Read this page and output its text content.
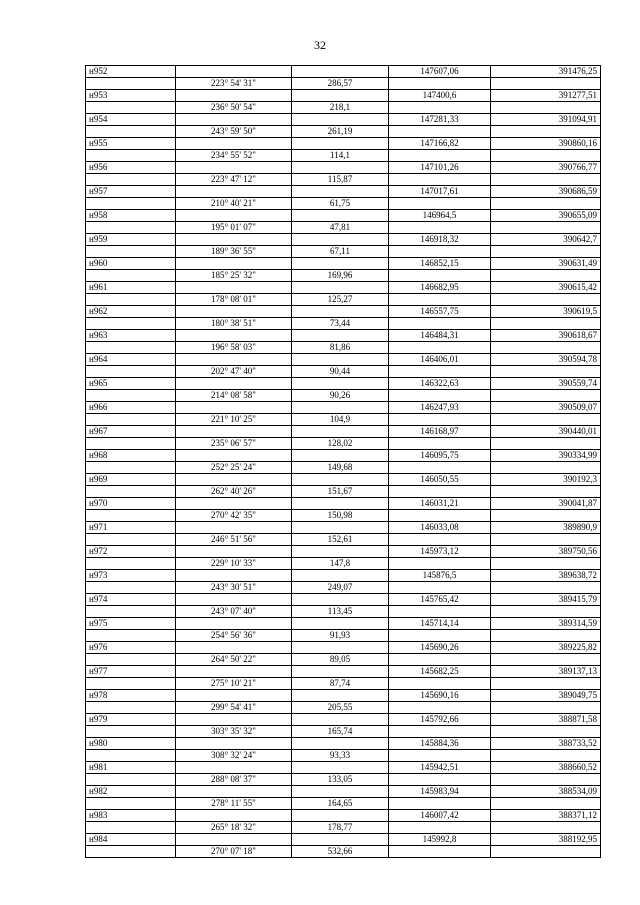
32
н952			147607,06	391476,25
	223° 54' 31"	286,57		
н953			147400,6	391277,51
	236° 50' 54"	218,1		
н954			147281,33	391094,91
	243° 59' 50"	261,19		
н955			147166,82	390860,16
	234° 55' 52"	114,1		
н956			147101,26	390766,77
	223° 47' 12"	115,87		
н957			147017,61	390686,59
	210° 40' 21"	61,75		
н958			146964,5	390655,09
	195° 01' 07"	47,81		
н959			146918,32	390642,7
	189° 36' 55"	67,11		
н960			146852,15	390631,49
	185° 25' 32"	169,96		
н961			146682,95	390615,42
	178° 08' 01"	125,27		
н962			146557,75	390619,5
	180° 38' 51"	73,44		
н963			146484,31	390618,67
	196° 58' 03"	81,86		
н964			146406,01	390594,78
	202° 47' 40"	90,44		
н965			146322,63	390559,74
	214° 08' 58"	90,26		
н966			146247,93	390509,07
	221° 10' 25"	104,9		
н967			146168,97	390440,01
	235° 06' 57"	128,02		
н968			146095,75	390334,99
	252° 25' 24"	149,68		
н969			146050,55	390192,3
	262° 40' 26"	151,67		
н970			146031,21	390041,87
	270° 42' 35"	150,98		
н971			146033,08	389890,9
	246° 51' 56"	152,61		
н972			145973,12	389750,56
	229° 10' 33"	147,8		
н973			145876,5	389638,72
	243° 30' 51"	249,07		
н974			145765,42	389415,79
	243° 07' 40"	113,45		
н975			145714,14	389314,59
	254° 56' 36"	91,93		
н976			145690,26	389225,82
	264° 50' 22"	89,05		
н977			145682,25	389137,13
	275° 10' 21"	87,74		
н978			145690,16	389049,75
	299° 54' 41"	205,55		
н979			145792,66	388871,58
	303° 35' 32"	165,74		
н980			145884,36	388733,52
	308° 32' 24"	93,33		
н981			145942,51	388660,52
	288° 08' 37"	133,05		
н982			145983,94	388534,09
	278° 11' 55"	164,65		
н983			146007,42	388371,12
	265° 18' 32"	178,77		
н984			145992,8	388192,95
	270° 07' 18"	532,66		
